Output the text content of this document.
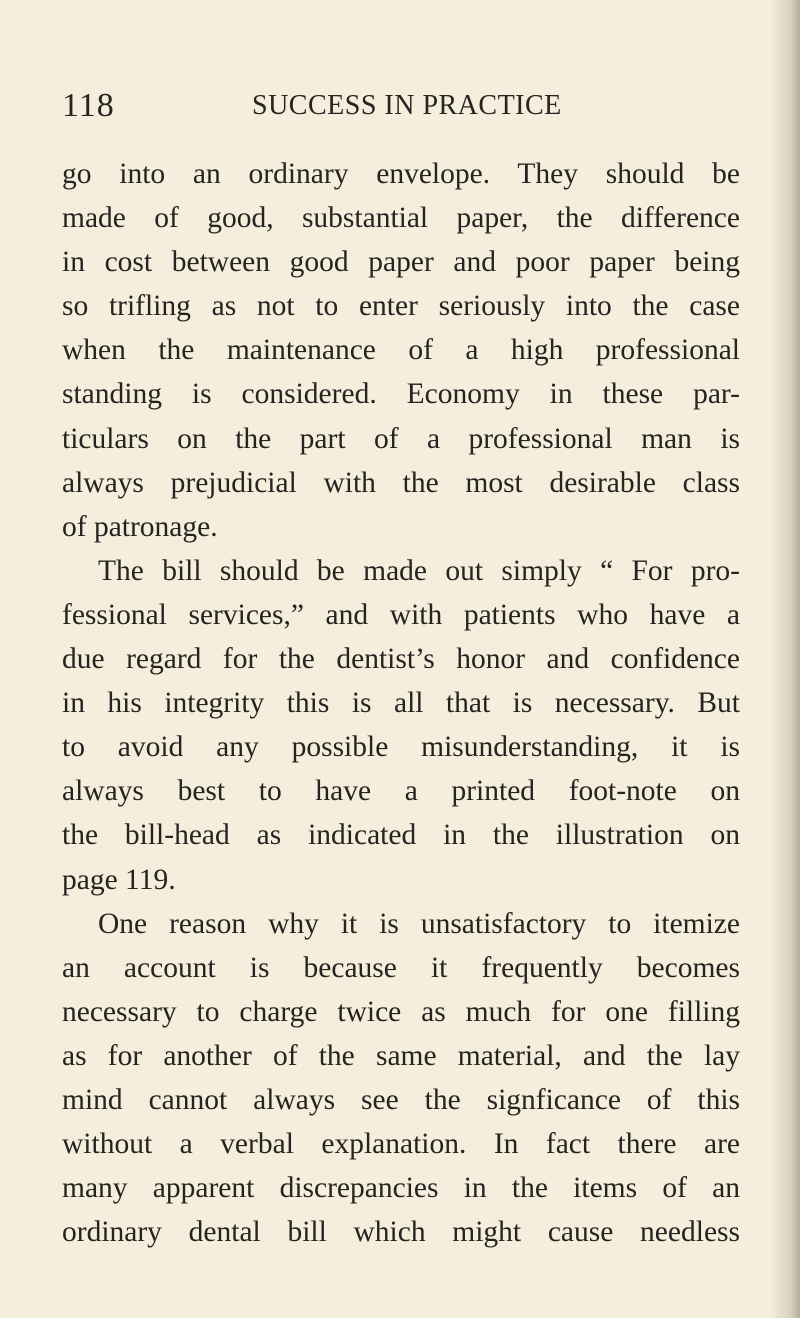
118	SUCCESS IN PRACTICE

go into an ordinary envelope. They should be
made of good, substantial paper, the difference
in cost between good paper and poor paper being
so trifling as not to enter seriously into the case
when the maintenance of a high professional
standing is considered. Economy in these par-
ticulars on the part of a professional man is
always prejudicial with the most desirable class
of patronage.

The bill should be made out simply “ For pro-
fessional services,” and with patients who have a
due regard for the dentist’s honor and confidence
in his integrity this is all that is necessary. But
to avoid any possible misunderstanding, it is
always best to have a printed foot-note on
the bill-head as indicated in the illustration on
page 119.

One reason why it is unsatisfactory to itemize
an account is because it frequently becomes
necessary to charge twice as much for one filling
as for another of the same material, and the lay
mind cannot always see the signficance of this
without a verbal explanation. In fact there are
many apparent discrepancies in the items of an
ordinary dental bill which might cause needless
